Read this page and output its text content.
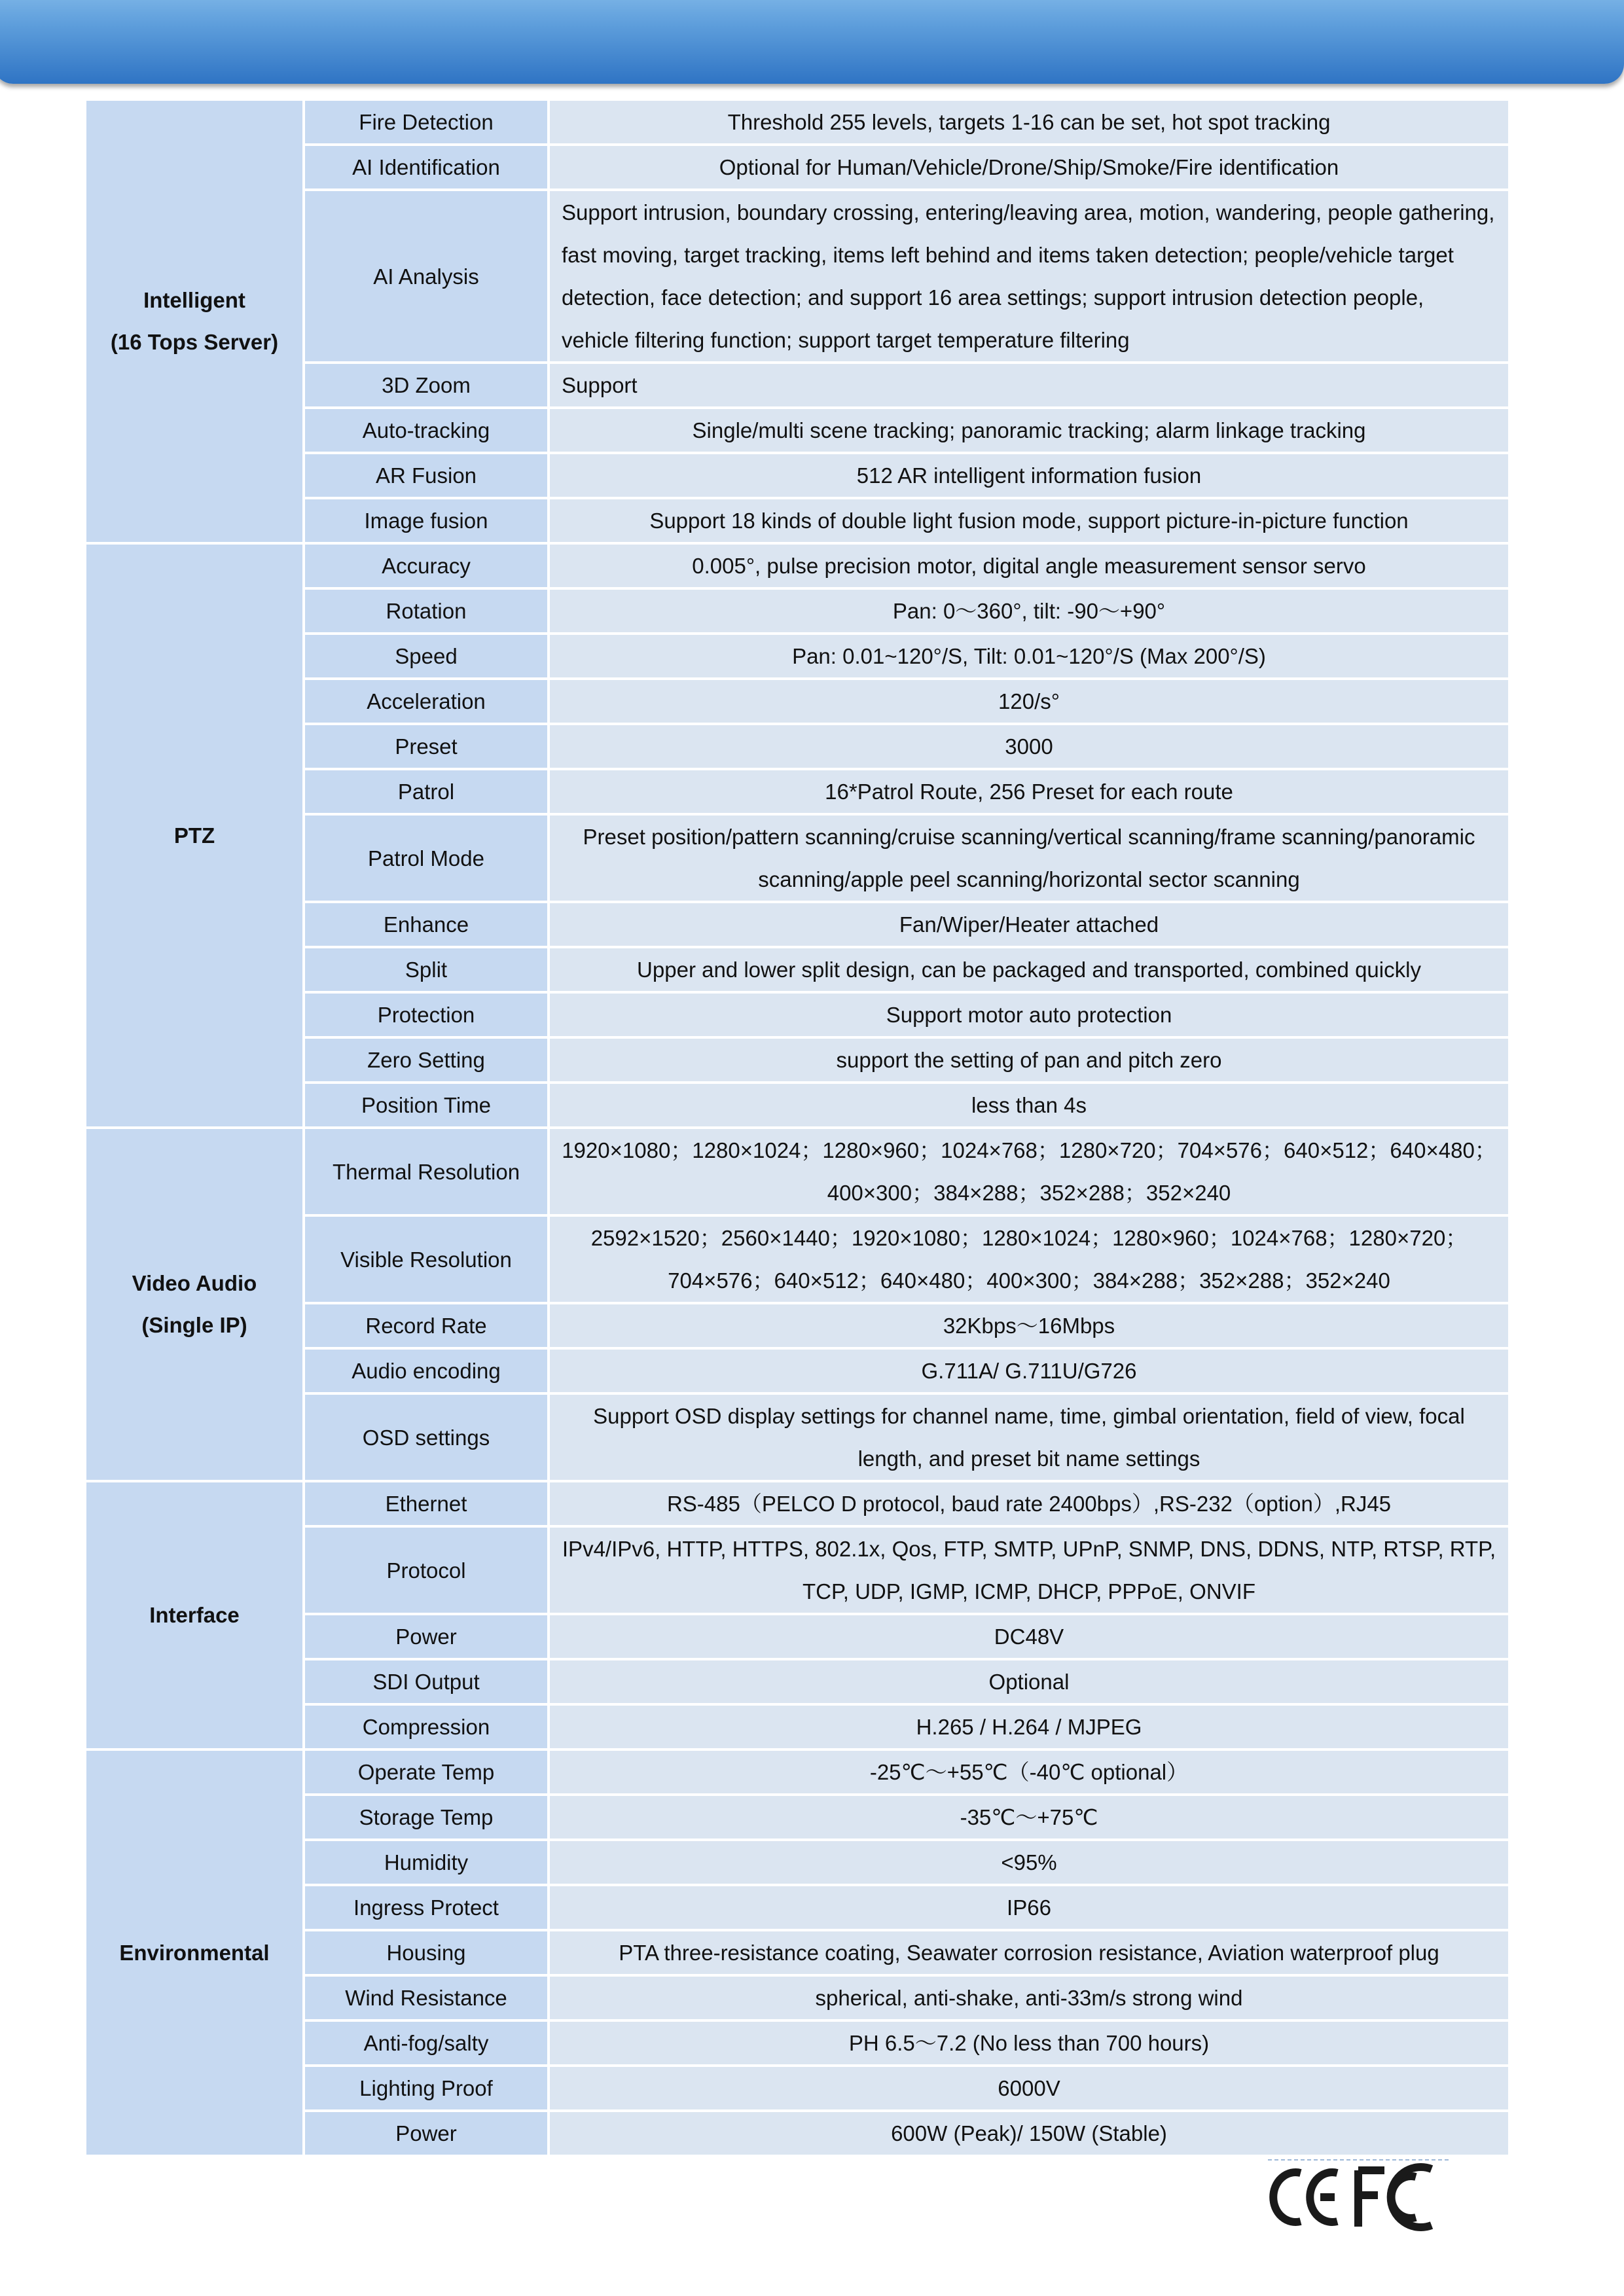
Intelligent
(16 Tops Server)	Fire Detection	Threshold 255 levels, targets 1-16 can be set, hot spot tracking
	AI Identification	Optional for Human/Vehicle/Drone/Ship/Smoke/Fire identification
	AI Analysis	Support intrusion, boundary crossing, entering/leaving area, motion, wandering, people gathering, fast moving, target tracking, items left behind and items taken detection; people/vehicle target detection, face detection; and support 16 area settings; support intrusion detection people, vehicle filtering function; support target temperature filtering
	3D Zoom	Support
	Auto-tracking	Single/multi scene tracking; panoramic tracking; alarm linkage tracking
	AR Fusion	512 AR intelligent information fusion
	Image fusion	Support 18 kinds of double light fusion mode, support picture-in-picture function

PTZ	Accuracy	0.005°, pulse precision motor, digital angle measurement sensor servo
	Rotation	Pan: 0～360°, tilt: -90～+90°
	Speed	Pan: 0.01~120°/S, Tilt: 0.01~120°/S (Max 200°/S)
	Acceleration	120/s°
	Preset	3000
	Patrol	16*Patrol Route, 256 Preset for each route
	Patrol Mode	Preset position/pattern scanning/cruise scanning/vertical scanning/frame scanning/panoramic scanning/apple peel scanning/horizontal sector scanning
	Enhance	Fan/Wiper/Heater attached
	Split	Upper and lower split design, can be packaged and transported, combined quickly
	Protection	Support motor auto protection
	Zero Setting	support the setting of pan and pitch zero
	Position Time	less than 4s

Video Audio
(Single IP)	Thermal Resolution	1920×1080；1280×1024；1280×960；1024×768；1280×720；704×576；640×512；640×480；400×300；384×288；352×288；352×240
	Visible Resolution	2592×1520；2560×1440；1920×1080；1280×1024；1280×960；1024×768；1280×720；704×576；640×512；640×480；400×300；384×288；352×288；352×240
	Record Rate	32Kbps～16Mbps
	Audio encoding	G.711A/ G.711U/G726
	OSD settings	Support OSD display settings for channel name, time, gimbal orientation, field of view, focal length, and preset bit name settings

Interface	Ethernet	RS-485（PELCO D protocol, baud rate 2400bps）,RS-232（option）,RJ45
	Protocol	IPv4/IPv6, HTTP, HTTPS, 802.1x, Qos, FTP, SMTP, UPnP, SNMP, DNS, DDNS, NTP, RTSP, RTP, TCP, UDP, IGMP, ICMP, DHCP, PPPoE, ONVIF
	Power	DC48V
	SDI Output	Optional
	Compression	H.265 / H.264 / MJPEG

Environmental	Operate Temp	-25℃～+55℃（-40℃ optional）
	Storage Temp	-35℃～+75℃
	Humidity	<95%
	Ingress Protect	IP66
	Housing	PTA three-resistance coating, Seawater corrosion resistance, Aviation waterproof plug
	Wind Resistance	spherical, anti-shake, anti-33m/s strong wind
	Anti-fog/salty	PH 6.5～7.2 (No less than 700 hours)
	Lighting Proof	6000V
	Power	600W (Peak)/ 150W (Stable)
